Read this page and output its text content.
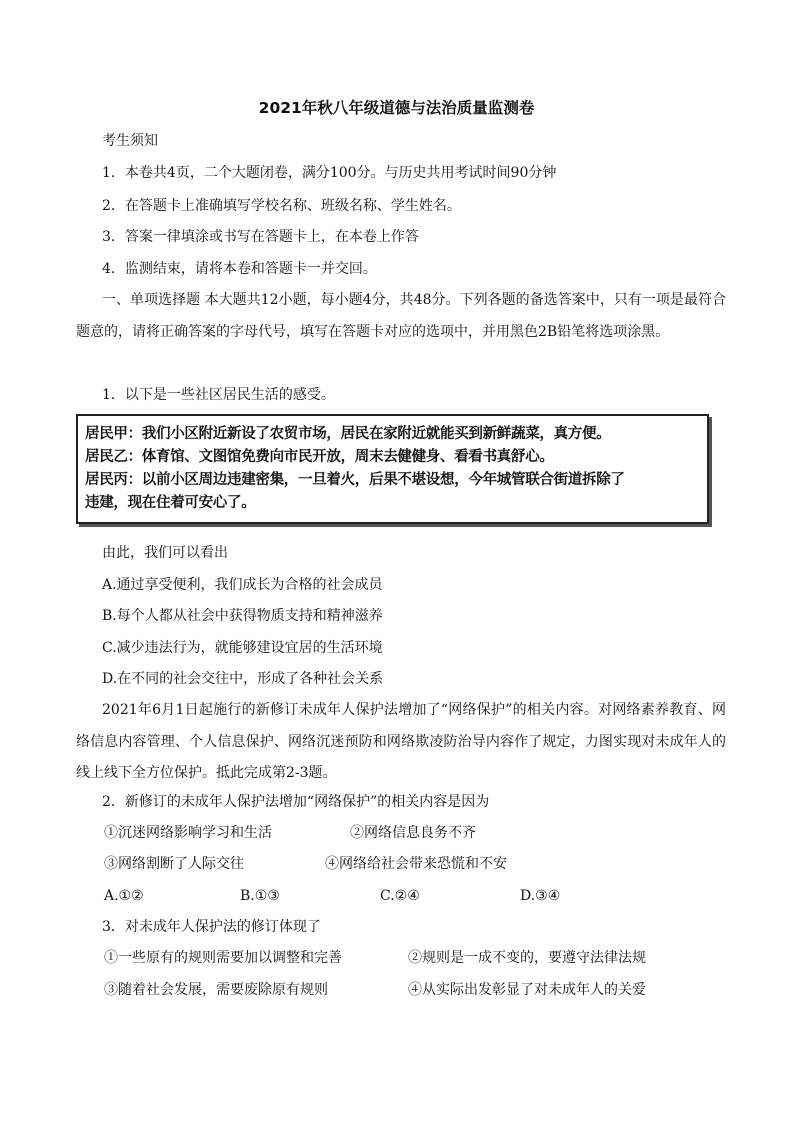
2021年秋八年级道德与法治质量监测卷
考生须知
1．本卷共4页，二个大题闭卷，满分100分。与历史共用考试时间90分钟
2．在答题卡上准确填写学校名称、班级名称、学生姓名。
3．答案一律填涂或书写在答题卡上，在本卷上作答
4．监测结束，请将本卷和答题卡一并交回。
一、单项选择题 本大题共12小题，每小题4分，共48分。下列各题的备选答案中，只有一项是最符合题意的，请将正确答案的字母代号，填写在答题卡对应的选项中，并用黑色2B铅笔将选项涂黑。
1．以下是一些社区居民生活的感受。
居民甲：我们小区附近新设了农贸市场，居民在家附近就能买到新鲜蔬菜，真方便。
居民乙：体育馆、文图馆免费向市民开放，周末去健健身、看看书真舒心。
居民丙：以前小区周边违建密集，一旦着火，后果不堪设想，今年城管联合街道拆除了
违建，现在住着可安心了。
由此，我们可以看出
A.通过享受便利，我们成长为合格的社会成员
B.每个人都从社会中获得物质支持和精神滋养
C.减少违法行为，就能够建设宜居的生活环境
D.在不同的社会交往中，形成了各种社会关系
2021年6月1日起施行的新修订未成年人保护法增加了“网络保护”的相关内容。对网络素养教育、网络信息内容管理、个人信息保护、网络沉迷预防和网络欺凌防治导内容作了规定，力图实现对未成年人的线上线下全方位保护。抵此完成第2-3题。
2．新修订的未成年人保护法增加“网络保护”的相关内容是因为
①沉迷网络影响学习和生活	②网络信息良务不齐
③网络割断了人际交往	④网络给社会带来恐慌和不安
A.①②	B.①③	C.②④	D.③④
3．对未成年人保护法的修订体现了
①一些原有的规则需要加以调整和完善	②规则是一成不变的，要遵守法律法规
③随着社会发展，需要废除原有规则	④从实际出发彰显了对未成年人的关爱
